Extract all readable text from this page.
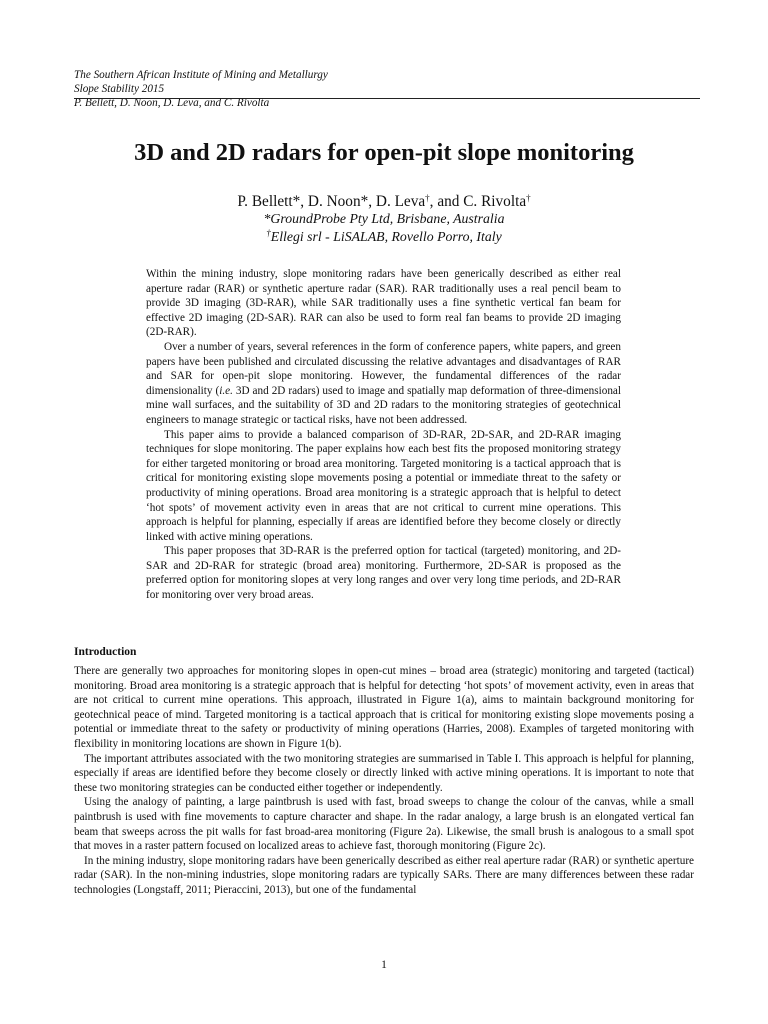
The Southern African Institute of Mining and Metallurgy
Slope Stability 2015
P. Bellett, D. Noon, D. Leva, and C. Rivolta
3D and 2D radars for open-pit slope monitoring
P. Bellett*, D. Noon*, D. Leva†, and C. Rivolta†
*GroundProbe Pty Ltd, Brisbane, Australia
†Ellegi srl - LiSALAB, Rovello Porro, Italy

Within the mining industry, slope monitoring radars have been generically described as either real aperture radar (RAR) or synthetic aperture radar (SAR). RAR traditionally uses a real pencil beam to provide 3D imaging (3D-RAR), while SAR traditionally uses a fine synthetic vertical fan beam for effective 2D imaging (2D-SAR). RAR can also be used to form real fan beams to provide 2D imaging (2D-RAR).

Over a number of years, several references in the form of conference papers, white papers, and green papers have been published and circulated discussing the relative advantages and disadvantages of RAR and SAR for open-pit slope monitoring. However, the fundamental differences of the radar dimensionality (i.e. 3D and 2D radars) used to image and spatially map deformation of three-dimensional mine wall surfaces, and the suitability of 3D and 2D radars to the monitoring strategies of geotechnical engineers to manage strategic or tactical risks, have not been addressed.

This paper aims to provide a balanced comparison of 3D-RAR, 2D-SAR, and 2D-RAR imaging techniques for slope monitoring. The paper explains how each best fits the proposed monitoring strategy for either targeted monitoring or broad area monitoring. Targeted monitoring is a tactical approach that is critical for monitoring existing slope movements posing a potential or immediate threat to the safety or productivity of mining operations. Broad area monitoring is a strategic approach that is helpful to detect ‘hot spots’ of movement activity even in areas that are not critical to current mine operations. This approach is helpful for planning, especially if areas are identified before they become closely or directly linked with active mining operations.

This paper proposes that 3D-RAR is the preferred option for tactical (targeted) monitoring, and 2D-SAR and 2D-RAR for strategic (broad area) monitoring. Furthermore, 2D-SAR is proposed as the preferred option for monitoring slopes at very long ranges and over very long time periods, and 2D-RAR for monitoring over very broad areas.

Introduction

There are generally two approaches for monitoring slopes in open-cut mines – broad area (strategic) monitoring and targeted (tactical) monitoring. Broad area monitoring is a strategic approach that is helpful for detecting ‘hot spots’ of movement activity, even in areas that are not critical to current mine operations. This approach, illustrated in Figure 1(a), aims to maintain background monitoring for geotechnical peace of mind. Targeted monitoring is a tactical approach that is critical for monitoring existing slope movements posing a potential or immediate threat to the safety or productivity of mining operations (Harries, 2008). Examples of targeted monitoring with flexibility in monitoring locations are shown in Figure 1(b).

The important attributes associated with the two monitoring strategies are summarised in Table I. This approach is helpful for planning, especially if areas are identified before they become closely or directly linked with active mining operations. It is important to note that these two monitoring strategies can be conducted either together or independently.

Using the analogy of painting, a large paintbrush is used with fast, broad sweeps to change the colour of the canvas, while a small paintbrush is used with fine movements to capture character and shape. In the radar analogy, a large brush is an elongated vertical fan beam that sweeps across the pit walls for fast broad-area monitoring (Figure 2a). Likewise, the small brush is analogous to a small spot that moves in a raster pattern focused on localized areas to achieve fast, thorough monitoring (Figure 2c).

In the mining industry, slope monitoring radars have been generically described as either real aperture radar (RAR) or synthetic aperture radar (SAR). In the non-mining industries, slope monitoring radars are typically SARs. There are many differences between these radar technologies (Longstaff, 2011; Pieraccini, 2013), but one of the fundamental

1
